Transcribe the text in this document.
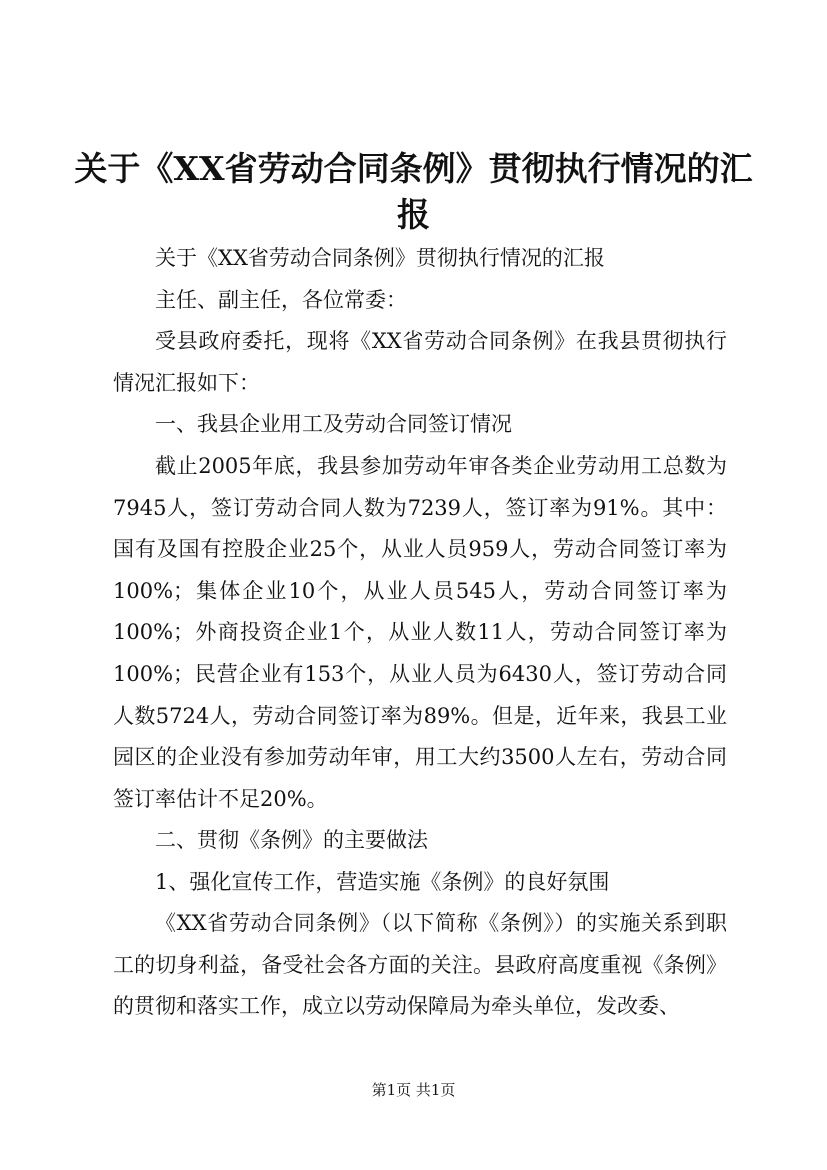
关于《XX省劳动合同条例》贯彻执行情况的汇报

关于《XX省劳动合同条例》贯彻执行情况的汇报

主任、副主任，各位常委：

受县政府委托，现将《XX省劳动合同条例》在我县贯彻执行情况汇报如下：

一、我县企业用工及劳动合同签订情况

截止2005年底，我县参加劳动年审各类企业劳动用工总数为7945人，签订劳动合同人数为7239人，签订率为91%。其中：国有及国有控股企业25个，从业人员959人，劳动合同签订率为100%；集体企业10个，从业人员545人，劳动合同签订率为100%；外商投资企业1个，从业人数11人，劳动合同签订率为100%；民营企业有153个，从业人员为6430人，签订劳动合同人数5724人，劳动合同签订率为89%。但是，近年来，我县工业园区的企业没有参加劳动年审，用工大约3500人左右，劳动合同签订率估计不足20%。

二、贯彻《条例》的主要做法

1、强化宣传工作，营造实施《条例》的良好氛围

《XX省劳动合同条例》（以下简称《条例》）的实施关系到职工的切身利益，备受社会各方面的关注。县政府高度重视《条例》的贯彻和落实工作，成立以劳动保障局为牵头单位，发改委、

第1页 共1页
